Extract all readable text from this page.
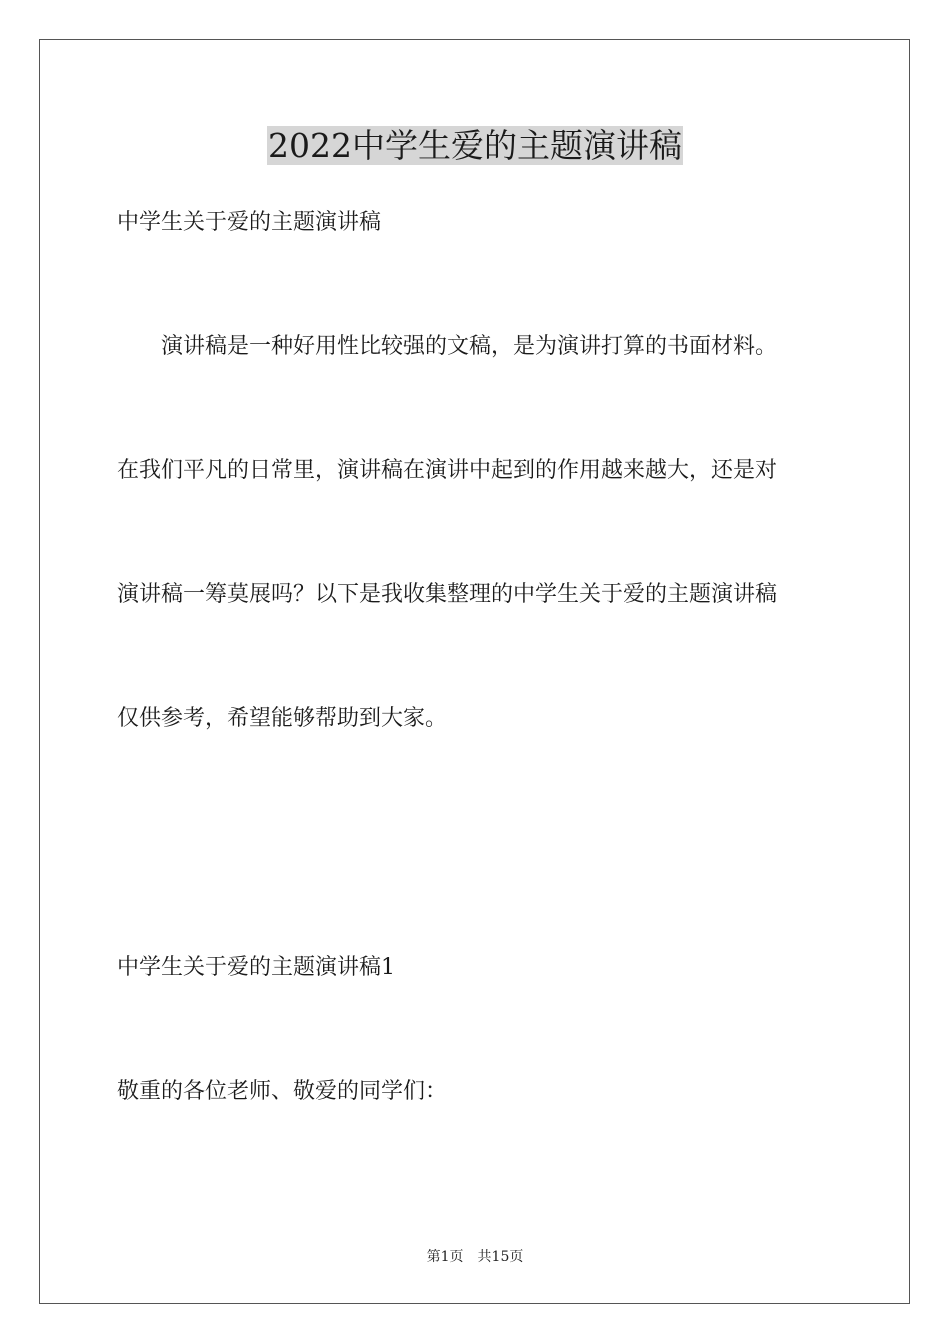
2022中学生爱的主题演讲稿

中学生关于爱的主题演讲稿

　　演讲稿是一种好用性比较强的文稿，是为演讲打算的书面材料。

在我们平凡的日常里，演讲稿在演讲中起到的作用越来越大，还是对

演讲稿一筹莫展吗？以下是我收集整理的中学生关于爱的主题演讲稿

仅供参考，希望能够帮助到大家。

中学生关于爱的主题演讲稿1

敬重的各位老师、敬爱的同学们：

第1页 共15页
